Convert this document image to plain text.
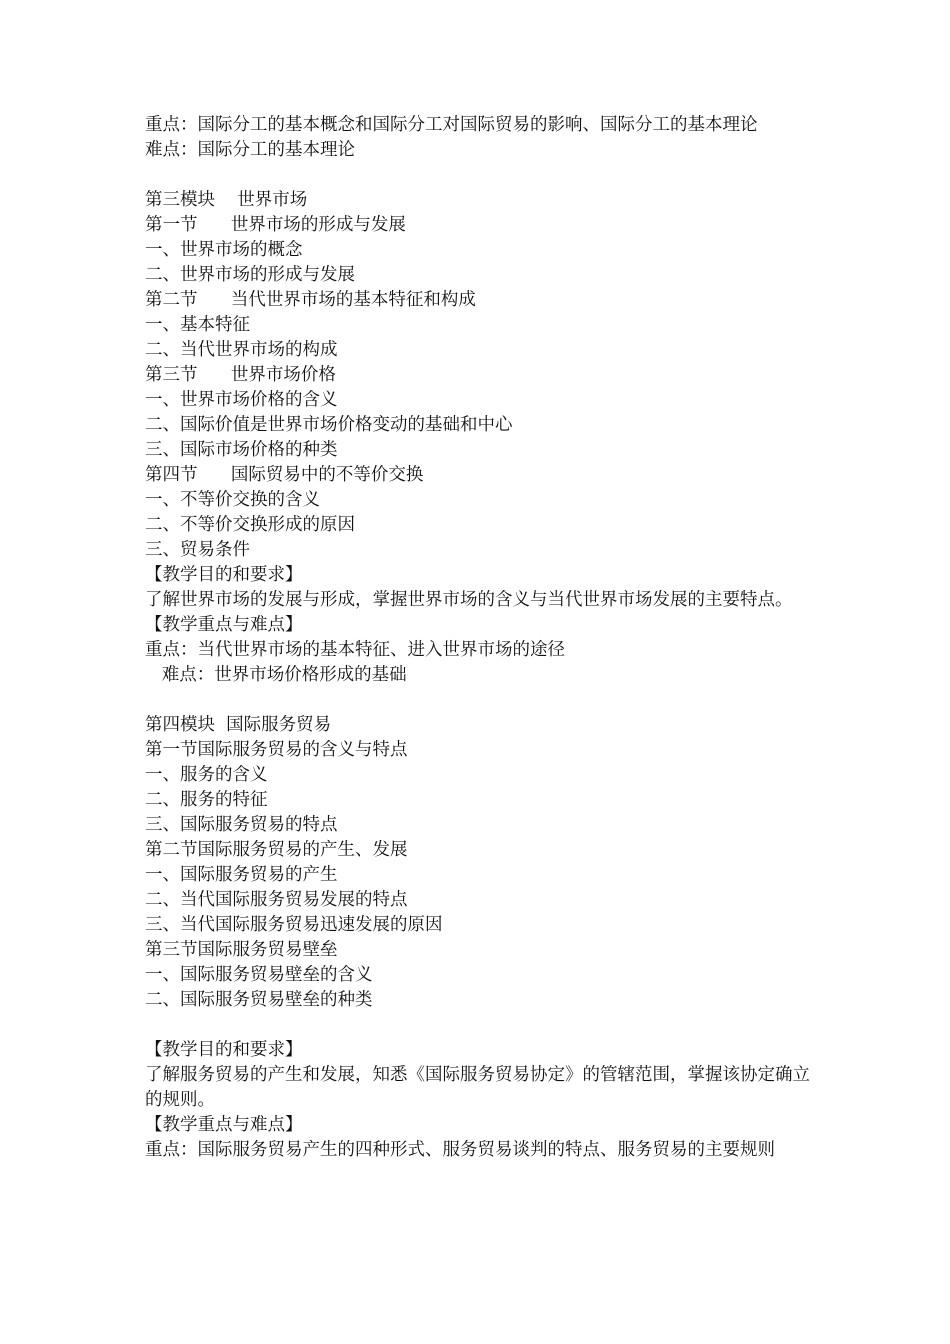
重点：国际分工的基本概念和国际分工对国际贸易的影响、国际分工的基本理论
难点：国际分工的基本理论
第三模块    世界市场
第一节      世界市场的形成与发展
一、世界市场的概念
二、世界市场的形成与发展
第二节      当代世界市场的基本特征和构成
一、基本特征
二、当代世界市场的构成
第三节      世界市场价格
一、世界市场价格的含义
二、国际价值是世界市场价格变动的基础和中心
三、国际市场价格的种类
第四节      国际贸易中的不等价交换
一、不等价交换的含义
二、不等价交换形成的原因
三、贸易条件
【教学目的和要求】
了解世界市场的发展与形成，掌握世界市场的含义与当代世界市场发展的主要特点。
【教学重点与难点】
重点：当代世界市场的基本特征、进入世界市场的途径
难点：世界市场价格形成的基础
第四模块  国际服务贸易
第一节国际服务贸易的含义与特点
一、服务的含义
二、服务的特征
三、国际服务贸易的特点
第二节国际服务贸易的产生、发展
一、国际服务贸易的产生
二、当代国际服务贸易发展的特点
三、当代国际服务贸易迅速发展的原因
第三节国际服务贸易壁垒
一、国际服务贸易壁垒的含义
二、国际服务贸易壁垒的种类
【教学目的和要求】
了解服务贸易的产生和发展，知悉《国际服务贸易协定》的管辖范围，掌握该协定确立的规则。
【教学重点与难点】
重点：国际服务贸易产生的四种形式、服务贸易谈判的特点、服务贸易的主要规则
